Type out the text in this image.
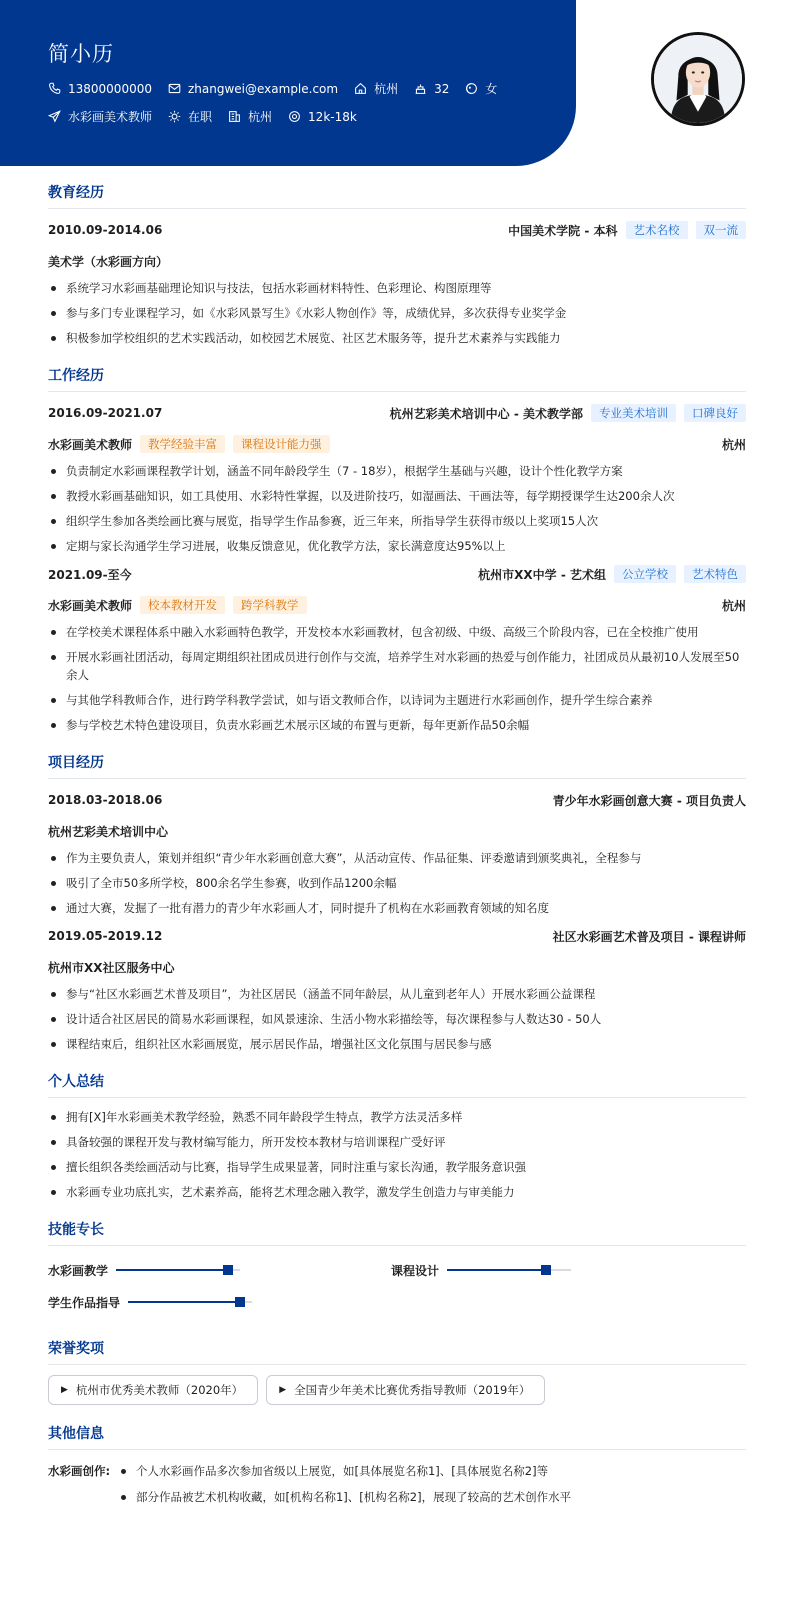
简小历
13800000000	zhangwei@example.com	杭州	32	女
水彩画美术教师	在职	杭州	12k-18k
教育经历
2010.09-2014.06	中国美术学院 - 本科	艺术名校	双一流
美术学（水彩画方向）
系统学习水彩画基础理论知识与技法，包括水彩画材料特性、色彩理论、构图原理等
参与多门专业课程学习，如《水彩风景写生》《水彩人物创作》等，成绩优异，多次获得专业奖学金
积极参加学校组织的艺术实践活动，如校园艺术展览、社区艺术服务等，提升艺术素养与实践能力
工作经历
2016.09-2021.07	杭州艺彩美术培训中心 - 美术教学部	专业美术培训	口碑良好
水彩画美术教师	教学经验丰富	课程设计能力强	杭州
负责制定水彩画课程教学计划，涵盖不同年龄段学生（7 - 18岁），根据学生基础与兴趣，设计个性化教学方案
教授水彩画基础知识，如工具使用、水彩特性掌握，以及进阶技巧，如湿画法、干画法等，每学期授课学生达200余人次
组织学生参加各类绘画比赛与展览，指导学生作品参赛，近三年来，所指导学生获得市级以上奖项15人次
定期与家长沟通学生学习进展，收集反馈意见，优化教学方法，家长满意度达95%以上
2021.09-至今	杭州市XX中学 - 艺术组	公立学校	艺术特色
水彩画美术教师	校本教材开发	跨学科教学	杭州
在学校美术课程体系中融入水彩画特色教学，开发校本水彩画教材，包含初级、中级、高级三个阶段内容，已在全校推广使用
开展水彩画社团活动，每周定期组织社团成员进行创作与交流，培养学生对水彩画的热爱与创作能力，社团成员从最初10人发展至50余人
与其他学科教师合作，进行跨学科教学尝试，如与语文教师合作，以诗词为主题进行水彩画创作，提升学生综合素养
参与学校艺术特色建设项目，负责水彩画艺术展示区域的布置与更新，每年更新作品50余幅
项目经历
2018.03-2018.06	青少年水彩画创意大赛 - 项目负责人
杭州艺彩美术培训中心
作为主要负责人，策划并组织“青少年水彩画创意大赛”，从活动宣传、作品征集、评委邀请到颁奖典礼，全程参与
吸引了全市50多所学校，800余名学生参赛，收到作品1200余幅
通过大赛，发掘了一批有潜力的青少年水彩画人才，同时提升了机构在水彩画教育领域的知名度
2019.05-2019.12	社区水彩画艺术普及项目 - 课程讲师
杭州市XX社区服务中心
参与“社区水彩画艺术普及项目”，为社区居民（涵盖不同年龄层，从儿童到老年人）开展水彩画公益课程
设计适合社区居民的简易水彩画课程，如风景速涂、生活小物水彩描绘等，每次课程参与人数达30 - 50人
课程结束后，组织社区水彩画展览，展示居民作品，增强社区文化氛围与居民参与感
个人总结
拥有[X]年水彩画美术教学经验，熟悉不同年龄段学生特点，教学方法灵活多样
具备较强的课程开发与教材编写能力，所开发校本教材与培训课程广受好评
擅长组织各类绘画活动与比赛，指导学生成果显著，同时注重与家长沟通，教学服务意识强
水彩画专业功底扎实，艺术素养高，能将艺术理念融入教学，激发学生创造力与审美能力
技能专长
水彩画教学	课程设计
学生作品指导
荣誉奖项
▶ 杭州市优秀美术教师（2020年）	▶ 全国青少年美术比赛优秀指导教师（2019年）
其他信息
水彩画创作:	个人水彩画作品多次参加省级以上展览，如[具体展览名称1]、[具体展览名称2]等
部分作品被艺术机构收藏，如[机构名称1]、[机构名称2]，展现了较高的艺术创作水平
